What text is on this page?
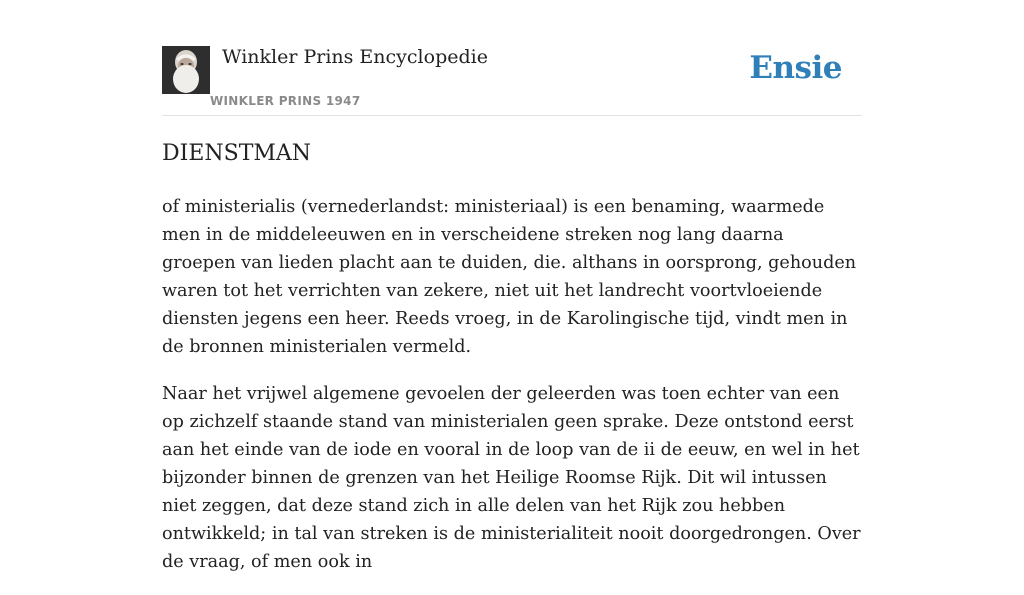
Winkler Prins Encyclopedie
WINKLER PRINS 1947
Ensie
DIENSTMAN

of ministerialis (vernederlandst: ministeriaal) is een benaming, waarmede men in de middeleeuwen en in verscheidene streken nog lang daarna groepen van lieden placht aan te duiden, die. althans in oorsprong, gehouden waren tot het verrichten van zekere, niet uit het landrecht voortvloeiende diensten jegens een heer. Reeds vroeg, in de Karolingische tijd, vindt men in de bronnen ministerialen vermeld.

Naar het vrijwel algemene gevoelen der geleerden was toen echter van een op zichzelf staande stand van ministerialen geen sprake. Deze ontstond eerst aan het einde van de iode en vooral in de loop van de ii de eeuw, en wel in het bijzonder binnen de grenzen van het Heilige Roomse Rijk. Dit wil intussen niet zeggen, dat deze stand zich in alle delen van het Rijk zou hebben ontwikkeld; in tal van streken is de ministerialiteit nooit doorgedrongen. Over de vraag, of men ook in
